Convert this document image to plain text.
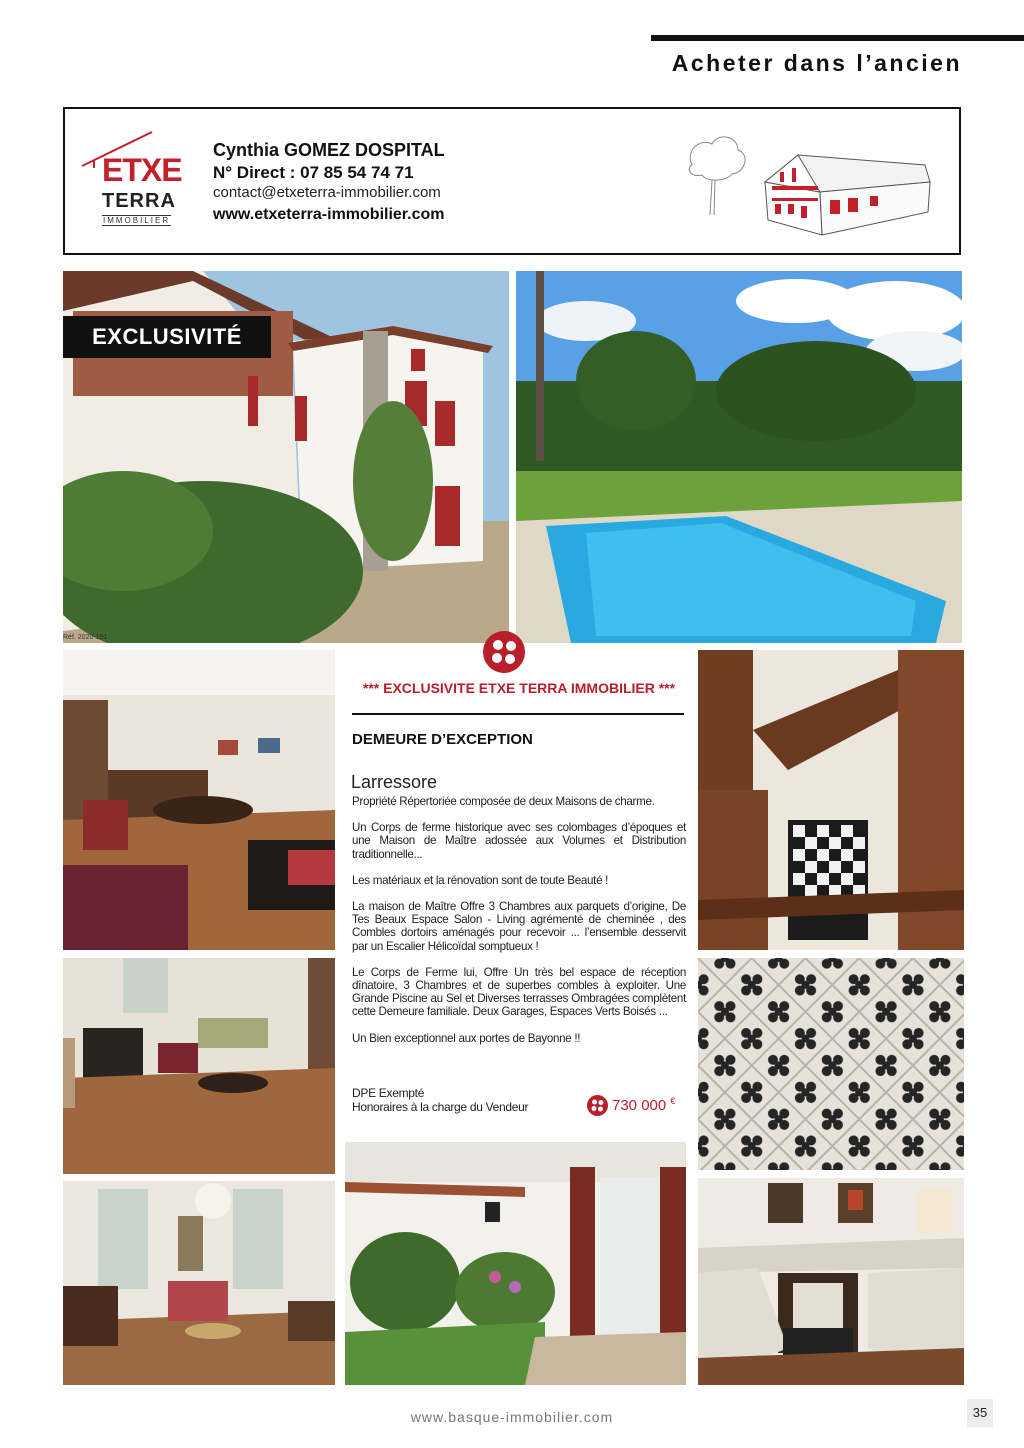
Acheter dans l’ancien
ETXE
TERRA
IMMOBILIER
Cynthia GOMEZ DOSPITAL
N° Direct : 07 85 54 74 71
contact@etxeterra-immobilier.com
www.etxeterra-immobilier.com
EXCLUSIVITÉ
Réf. 2020-191
*** EXCLUSIVITE ETXE TERRA IMMOBILIER ***
DEMEURE D’EXCEPTION
Larressore

Propriété Répertoriée composée de deux Maisons de charme.

Un Corps de ferme historique avec ses colombages d’époques et une Maison de Maître adossée aux Volumes et Distribution traditionnelle...

Les matériaux et la rénovation sont de toute Beauté !

La maison de Maître Offre 3 Chambres aux parquets d’origine, De Tes Beaux Espace Salon - Living agrémenté de cheminée , des Combles dortoirs aménagés pour recevoir ... l’ensemble desservit par un Escalier Hélicoïdal somptueux !

Le Corps de Ferme lui, Offre Un très bel espace de réception dînatoire, 3 Chambres et de superbes combles à exploiter. Une Grande Piscine au Sel et Diverses terrasses Ombragées complètent cette Demeure familiale. Deux Garages, Espaces Verts Boisés ...

Un Bien exceptionnel aux portes de Bayonne !!

DPE Exempté
Honoraires à la charge du Vendeur	730 000 €
www.basque-immobilier.com	35
